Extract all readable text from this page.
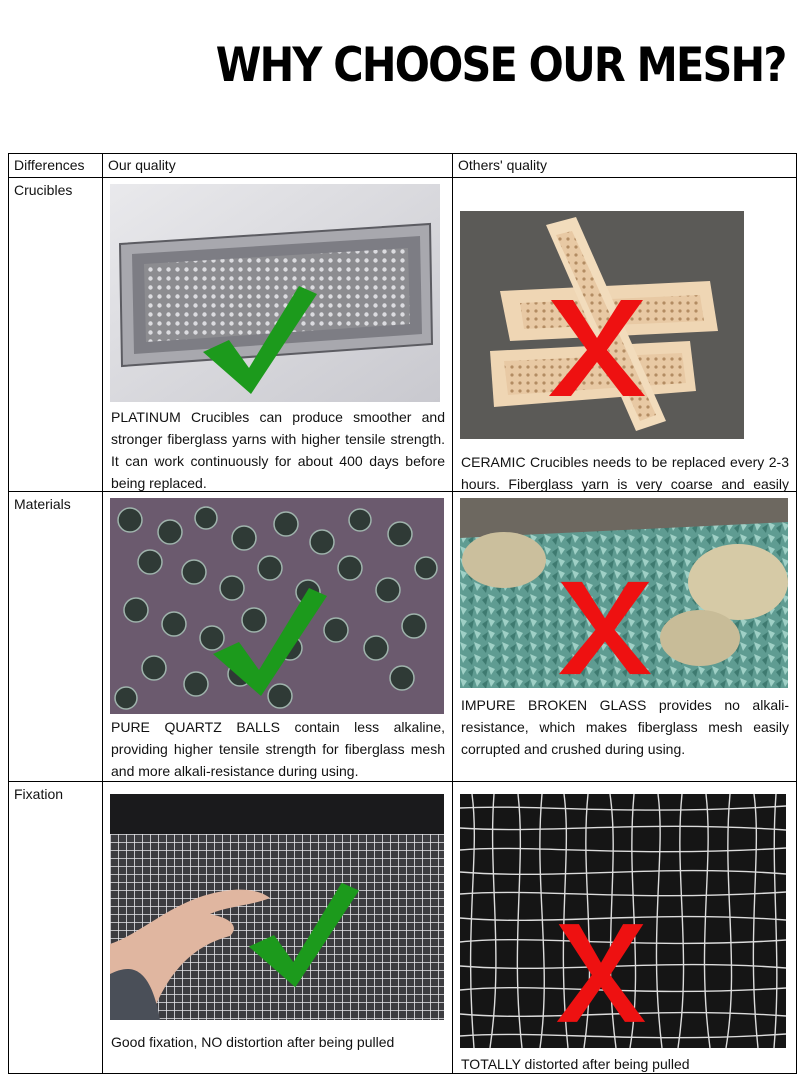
WHY CHOOSE OUR MESH?
Differences	Our quality	Others' quality
Crucibles	PLATINUM Crucibles can produce smoother and stronger fiberglass yarns with higher tensile strength. It can work continuously for about 400 days before being replaced.	CERAMIC Crucibles needs to be replaced every 2-3 hours. Fiberglass yarn is very coarse and easily

Materials	PURE QUARTZ BALLS contain less alkaline, providing higher tensile strength for fiberglass mesh and more alkali-resistance during using.	IMPURE BROKEN GLASS provides no alkali-resistance, which makes fiberglass mesh easily corrupted and crushed during using.

Fixation	Good fixation, NO distortion after being pulled	TOTALLY distorted after being pulled
